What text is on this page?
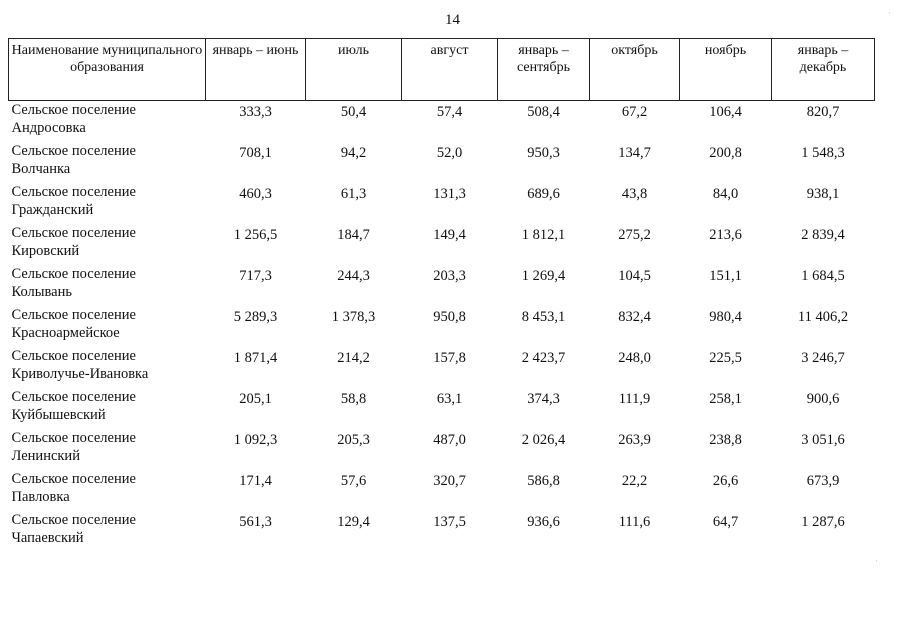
14	·
·
Наименование муниципального образования	январь – июнь	июль	август	январь – сентябрь	октябрь	ноябрь	январь – декабрь

Сельское поселение
Андросовка	333,3	50,4	57,4	508,4	67,2	106,4	820,7

Сельское поселение
Волчанка	708,1	94,2	52,0	950,3	134,7	200,8	1 548,3

Сельское поселение
Гражданский	460,3	61,3	131,3	689,6	43,8	84,0	938,1

Сельское поселение
Кировский	1 256,5	184,7	149,4	1 812,1	275,2	213,6	2 839,4

Сельское поселение
Колывань	717,3	244,3	203,3	1 269,4	104,5	151,1	1 684,5

Сельское поселение
Красноармейское	5 289,3	1 378,3	950,8	8 453,1	832,4	980,4	11 406,2

Сельское поселение
Криволучье-Ивановка	1 871,4	214,2	157,8	2 423,7	248,0	225,5	3 246,7

Сельское поселение
Куйбышевский	205,1	58,8	63,1	374,3	111,9	258,1	900,6

Сельское поселение
Ленинский	1 092,3	205,3	487,0	2 026,4	263,9	238,8	3 051,6

Сельское поселение
Павловка	171,4	57,6	320,7	586,8	22,2	26,6	673,9

Сельское поселение
Чапаевский	561,3	129,4	137,5	936,6	111,6	64,7	1 287,6
